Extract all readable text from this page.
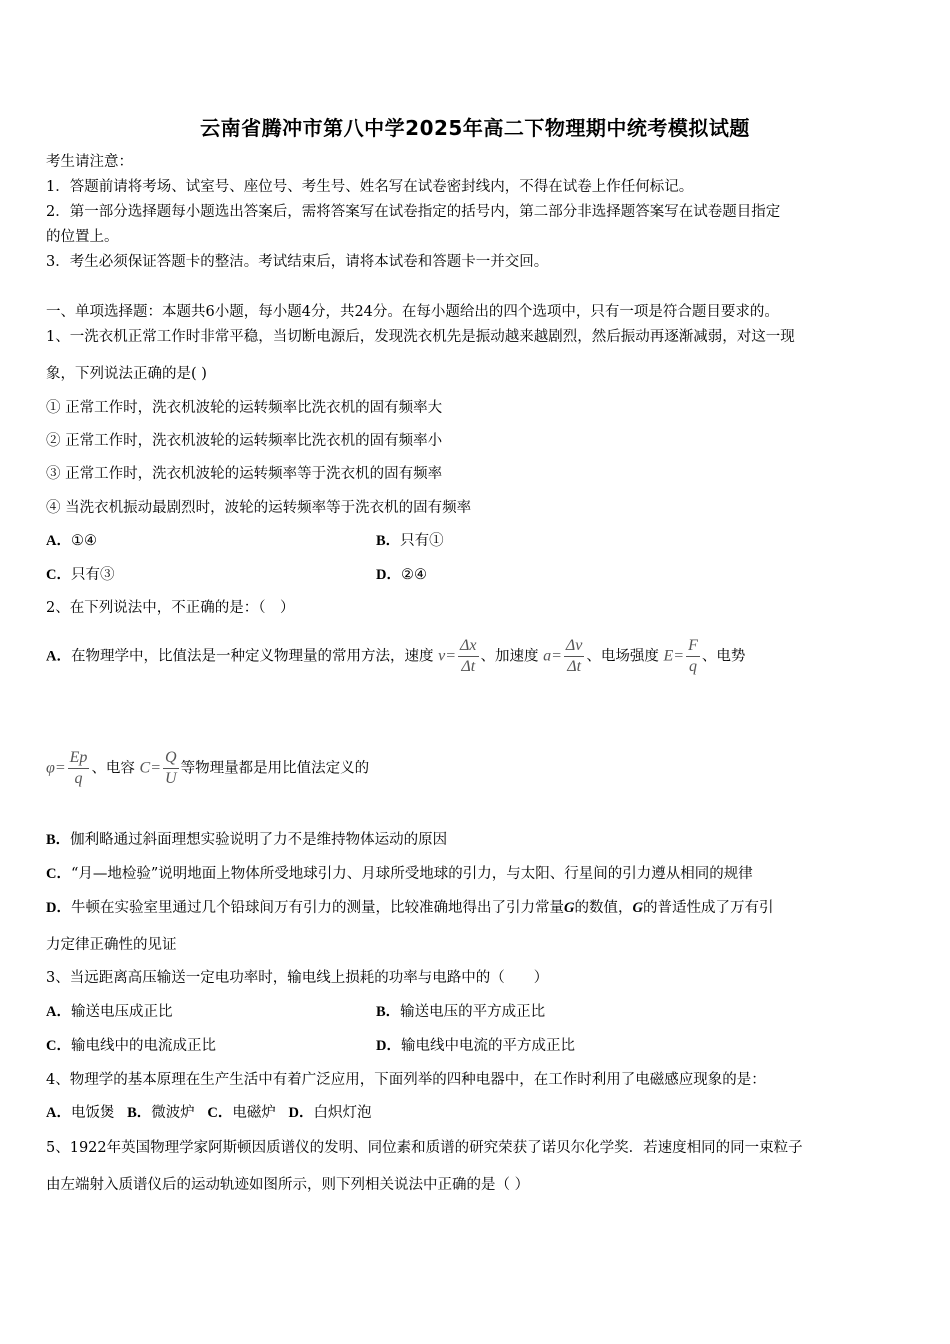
云南省腾冲市第八中学2025年高二下物理期中统考模拟试题
考生请注意：
1．答题前请将考场、试室号、座位号、考生号、姓名写在试卷密封线内，不得在试卷上作任何标记。
2．第一部分选择题每小题选出答案后，需将答案写在试卷指定的括号内，第二部分非选择题答案写在试卷题目指定
的位置上。
3．考生必须保证答题卡的整洁。考试结束后，请将本试卷和答题卡一并交回。
一、单项选择题：本题共6小题，每小题4分，共24分。在每小题给出的四个选项中，只有一项是符合题目要求的。
1、一洗衣机正常工作时非常平稳，当切断电源后，发现洗衣机先是振动越来越剧烈，然后振动再逐渐减弱，对这一现
象，下列说法正确的是( )
① 正常工作时，洗衣机波轮的运转频率比洗衣机的固有频率大
② 正常工作时，洗衣机波轮的运转频率比洗衣机的固有频率小
③ 正常工作时，洗衣机波轮的运转频率等于洗衣机的固有频率
④ 当洗衣机振动最剧烈时，波轮的运转频率等于洗衣机的固有频率
A．①④	B．只有①
C．只有③	D．②④
2、在下列说法中，不正确的是：（　）
A．在物理学中，比值法是一种定义物理量的常用方法，速度 $v= \frac{\Delta x}{\Delta t}$ 、加速度 $a= \frac{\Delta v}{\Delta t}$ 、电场强度 $E= \frac{F}{q}$ 、电势
$\varphi= \frac{Ep}{q}$ 、电容 $C= \frac{Q}{U}$ 等物理量都是用比值法定义的
B．伽利略通过斜面理想实验说明了力不是维持物体运动的原因
C．“月—地检验”说明地面上物体所受地球引力、月球所受地球的引力，与太阳、行星间的引力遵从相同的规律
D．牛顿在实验室里通过几个铅球间万有引力的测量，比较准确地得出了引力常量G的数值，G的普适性成了万有引
力定律正确性的见证
3、当远距离高压输送一定电功率时，输电线上损耗的功率与电路中的（　　）
A．输送电压成正比	B．输送电压的平方成正比
C．输电线中的电流成正比	D．输电线中电流的平方成正比
4、物理学的基本原理在生产生活中有着广泛应用，下面列举的四种电器中，在工作时利用了电磁感应现象的是：
A．电饭煲 B．微波炉 C．电磁炉 D．白炽灯泡
5、1922年英国物理学家阿斯顿因质谱仪的发明、同位素和质谱的研究荣获了诺贝尔化学奖．若速度相同的同一束粒子
由左端射入质谱仪后的运动轨迹如图所示，则下列相关说法中正确的是（ ）
